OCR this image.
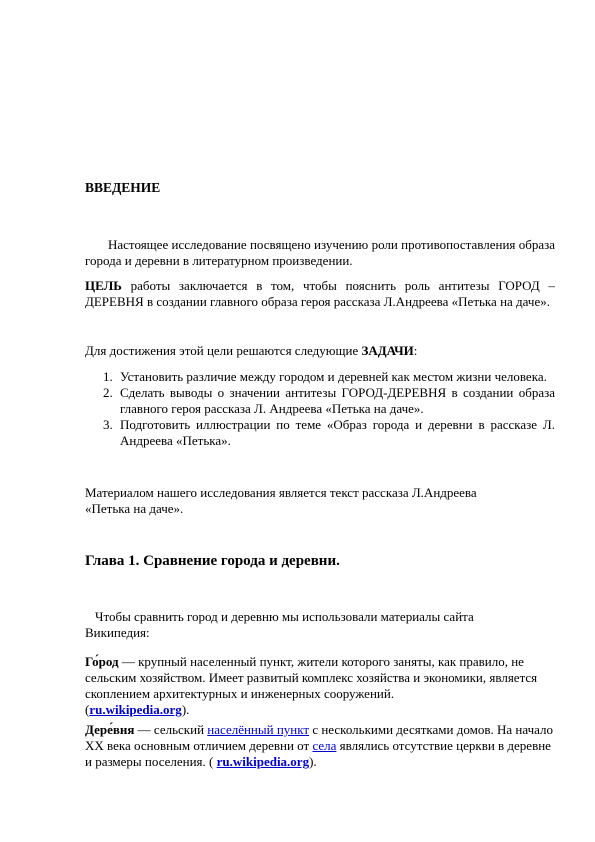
ВВЕДЕНИЕ

Настоящее исследование посвящено изучению роли противопоставления образа города и деревни в литературном произведении.

ЦЕЛЬ работы заключается в том, чтобы пояснить роль антитезы ГОРОД – ДЕРЕВНЯ в создании главного образа героя рассказа Л.Андреева «Петька на даче».

Для достижения этой цели решаются следующие ЗАДАЧИ:

1. Установить различие между городом и деревней как местом жизни человека.
2. Сделать выводы о значении антитезы ГОРОД-ДЕРЕВНЯ в создании образа главного героя рассказа Л. Андреева «Петька на даче».
3. Подготовить иллюстрации по теме «Образ города и деревни в рассказе Л. Андреева «Петька».

Материалом нашего исследования является текст рассказа Л.Андреева «Петька на даче».

Глава 1. Сравнение города и деревни.

Чтобы сравнить город и деревню мы использовали материалы сайта Википедия:

Го́род — крупный населенный пункт, жители которого заняты, как правило, не сельским хозяйством. Имеет развитый комплекс хозяйства и экономики, является скоплением архитектурных и инженерных сооружений.
(ru.wikipedia.org).

Дере́вня — сельский населённый пункт с несколькими десятками домов. На начало XX века основным отличием деревни от села являлись отсутствие церкви в деревне и размеры поселения. ( ru.wikipedia.org).
